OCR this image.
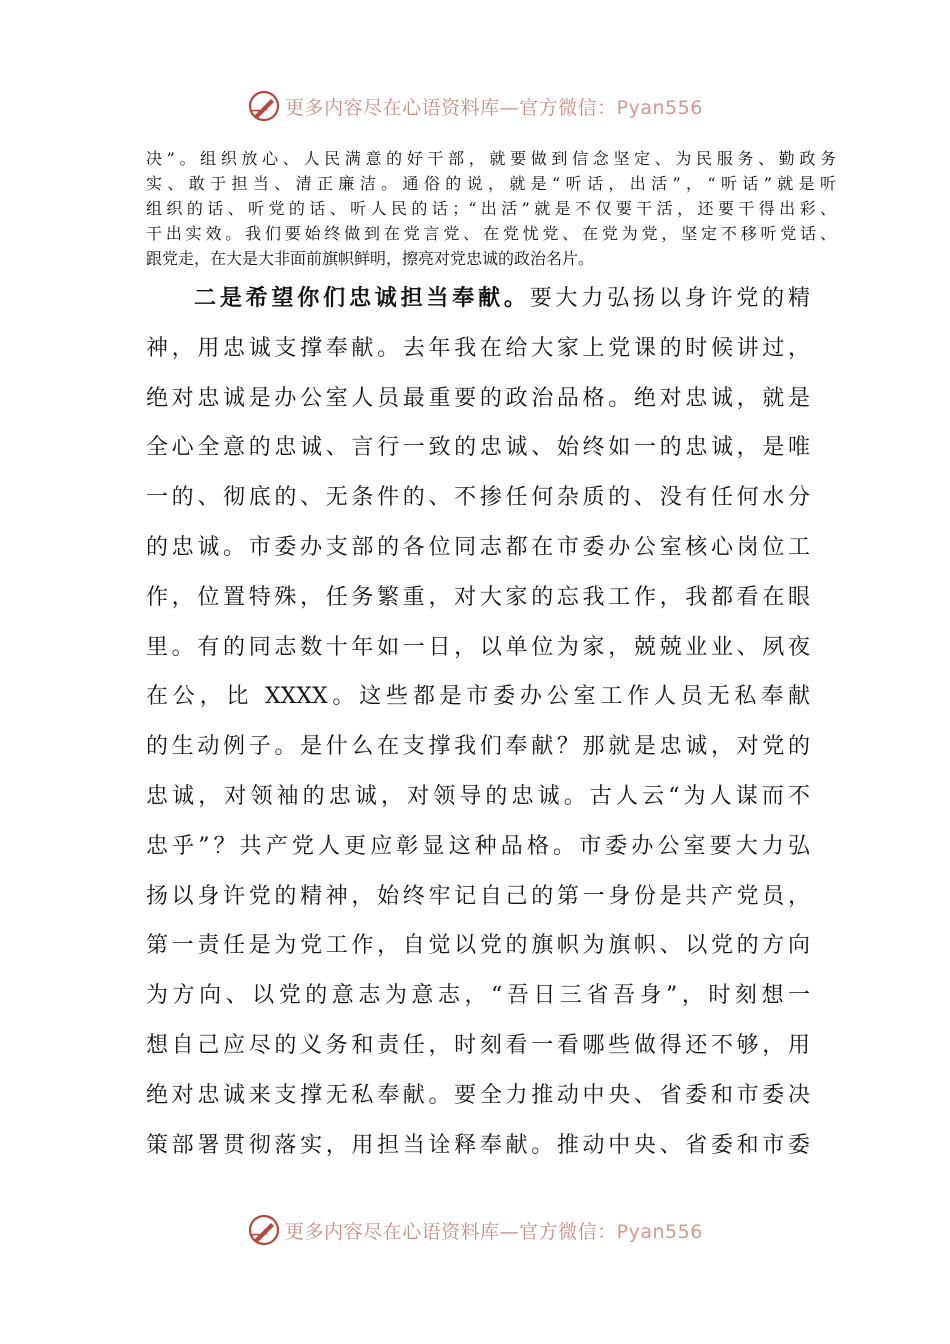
更多内容尽在心语资料库—官方微信：Pyan556
决”。组织放心、人民满意的好干部，就要做到信念坚定、为民服务、勤政务
实、敢于担当、清正廉洁。通俗的说，就是“听话，出活”，“听话”就是听
组织的话、听党的话、听人民的话；“出活”就是不仅要干活，还要干得出彩、
干出实效。我们要始终做到在党言党、在党忧党、在党为党，坚定不移听党话、
跟党走，在大是大非面前旗帜鲜明，擦亮对党忠诚的政治名片。
二是希望你们忠诚担当奉献。要大力弘扬以身许党的精
神，用忠诚支撑奉献。去年我在给大家上党课的时候讲过，
绝对忠诚是办公室人员最重要的政治品格。绝对忠诚，就是
全心全意的忠诚、言行一致的忠诚、始终如一的忠诚，是唯
一的、彻底的、无条件的、不掺任何杂质的、没有任何水分
的忠诚。市委办支部的各位同志都在市委办公室核心岗位工
作，位置特殊，任务繁重，对大家的忘我工作，我都看在眼
里。有的同志数十年如一日，以单位为家，兢兢业业、夙夜
在公，比 XXXX。这些都是市委办公室工作人员无私奉献
的生动例子。是什么在支撑我们奉献？那就是忠诚，对党的
忠诚，对领袖的忠诚，对领导的忠诚。古人云“为人谋而不
忠乎”？共产党人更应彰显这种品格。市委办公室要大力弘
扬以身许党的精神，始终牢记自己的第一身份是共产党员，
第一责任是为党工作，自觉以党的旗帜为旗帜、以党的方向
为方向、以党的意志为意志，“吾日三省吾身”，时刻想一
想自己应尽的义务和责任，时刻看一看哪些做得还不够，用
绝对忠诚来支撑无私奉献。要全力推动中央、省委和市委决
策部署贯彻落实，用担当诠释奉献。推动中央、省委和市委
更多内容尽在心语资料库—官方微信：Pyan556
